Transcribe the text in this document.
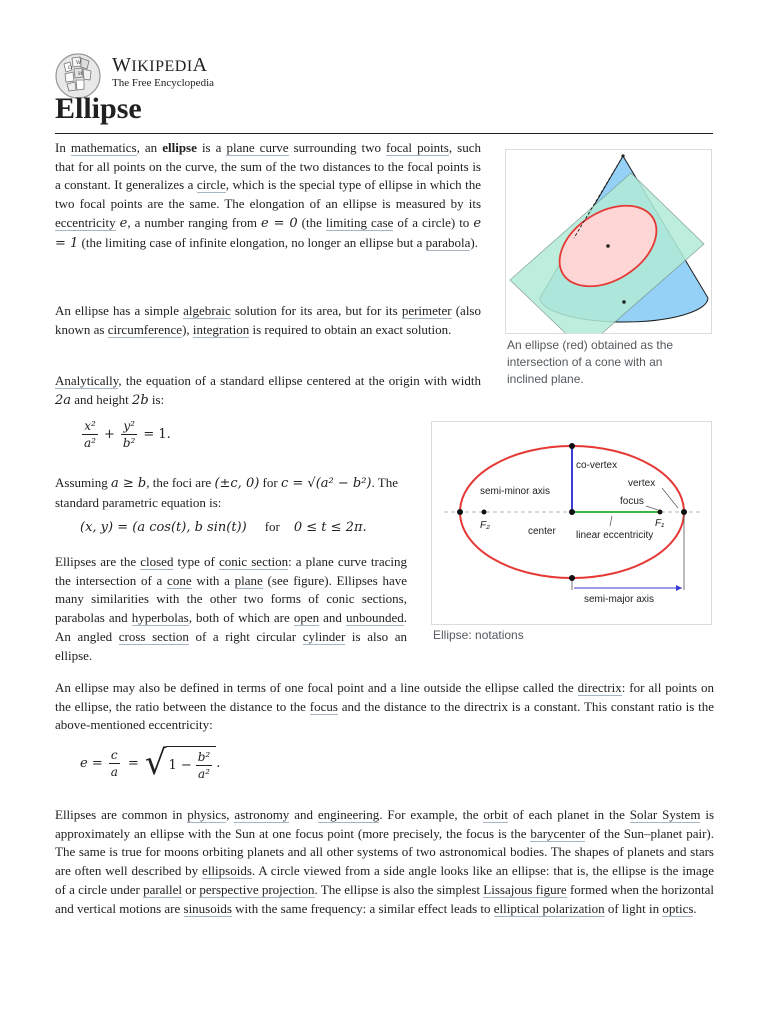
Ω
W
И WIKIPEDIA
The Free Encyclopedia
Ellipse

In mathematics, an ellipse is a plane curve surrounding two focal points, such that for all points on the curve, the sum of the two distances to the focal points is a constant. It generalizes a circle, which is the special type of ellipse in which the two focal points are the same. The elongation of an ellipse is measured by its eccentricity e, a number ranging from e = 0 (the limiting case of a circle) to e = 1 (the limiting case of infinite elongation, no longer an ellipse but a parabola).

An ellipse has a simple algebraic solution for its area, but for its perimeter (also known as circumference), integration is required to obtain an exact solution.

Analytically, the equation of a standard ellipse centered at the origin with width 2a and height 2b is:

$\frac{\text{x²}}{\text{a²}} + \frac{\text{y²}}{\text{b²}} = 1$.

Assuming a ≥ b, the foci are (±c, 0) for c = √(a² − b²). The standard parametric equation is:

(x, y) = (a cos(t), b sin(t)) for 0 ≤ t ≤ 2π.

Ellipses are the closed type of conic section: a plane curve tracing the intersection of a cone with a plane (see figure). Ellipses have many similarities with the other two forms of conic sections, parabolas and hyperbolas, both of which are open and unbounded. An angled cross section of a right circular cylinder is also an ellipse.

An ellipse may also be defined in terms of one focal point and a line outside the ellipse called the directrix: for all points on the ellipse, the ratio between the distance to the focus and the distance to the directrix is a constant. This constant ratio is the above-mentioned eccentricity:

$e = \frac{c}{a}$ = √ $1 - \frac{\text{b²}}{\text{a²}}$ .

Ellipses are common in physics, astronomy and engineering. For example, the orbit of each planet in the Solar System is approximately an ellipse with the Sun at one focus point (more precisely, the focus is the barycenter of the Sun–planet pair). The same is true for moons orbiting planets and all other systems of two astronomical bodies. The shapes of planets and stars are often well described by ellipsoids. A circle viewed from a side angle looks like an ellipse: that is, the ellipse is the image of a circle under parallel or perspective projection. The ellipse is also the simplest Lissajous figure formed when the horizontal and vertical motions are sinusoids with the same frequency: a similar effect leads to elliptical polarization of light in optics.

An ellipse (red) obtained as the intersection of a cone with an inclined plane.
co-vertex
vertex
semi-minor axis
focus
F₂	F₁
center linear eccentricity
semi-major axis
Ellipse: notations
